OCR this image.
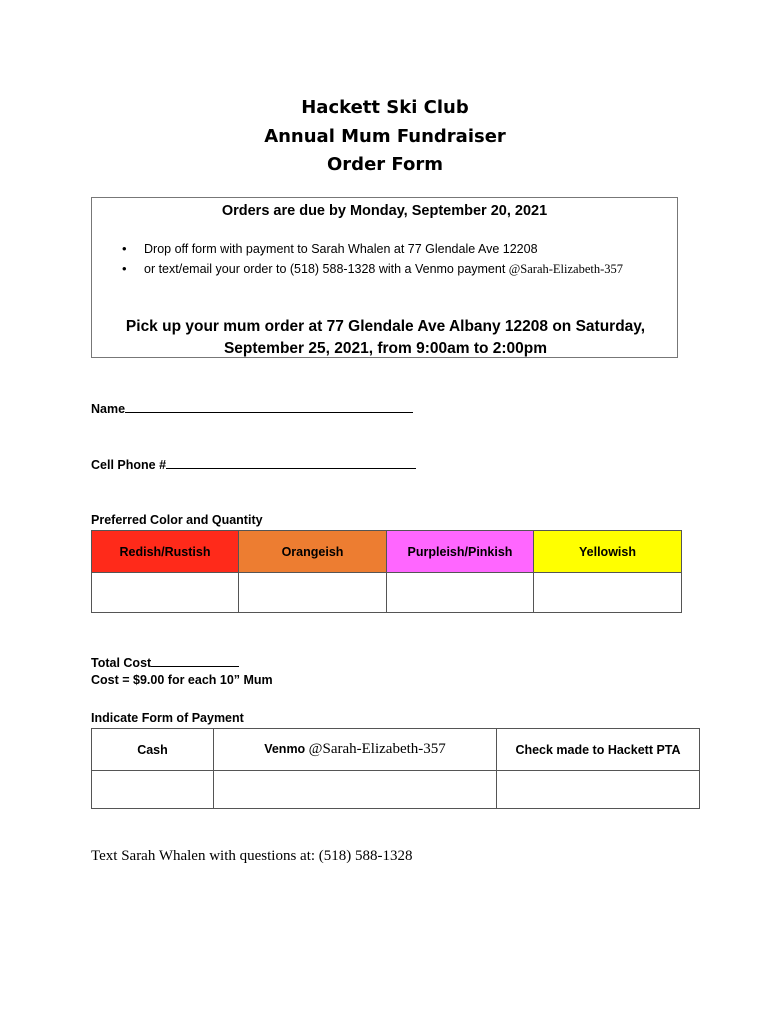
Hackett Ski Club
Annual Mum Fundraiser
Order Form
Orders are due by Monday, September 20, 2021
• Drop off form with payment to Sarah Whalen at 77 Glendale Ave 12208
• or text/email your order to (518) 588-1328 with a Venmo payment @Sarah-Elizabeth-357
Pick up your mum order at 77 Glendale Ave Albany 12208 on Saturday, September 25, 2021, from 9:00am to 2:00pm
Name
Cell Phone #
Preferred Color and Quantity
Redish/Rustish	Orangeish	Purpleish/Pinkish	Yellowish

Total Cost
Cost = $9.00 for each 10” Mum
Indicate Form of Payment
Cash	Venmo @Sarah-Elizabeth-357	Check made to Hackett PTA

Text Sarah Whalen with questions at: (518) 588-1328
